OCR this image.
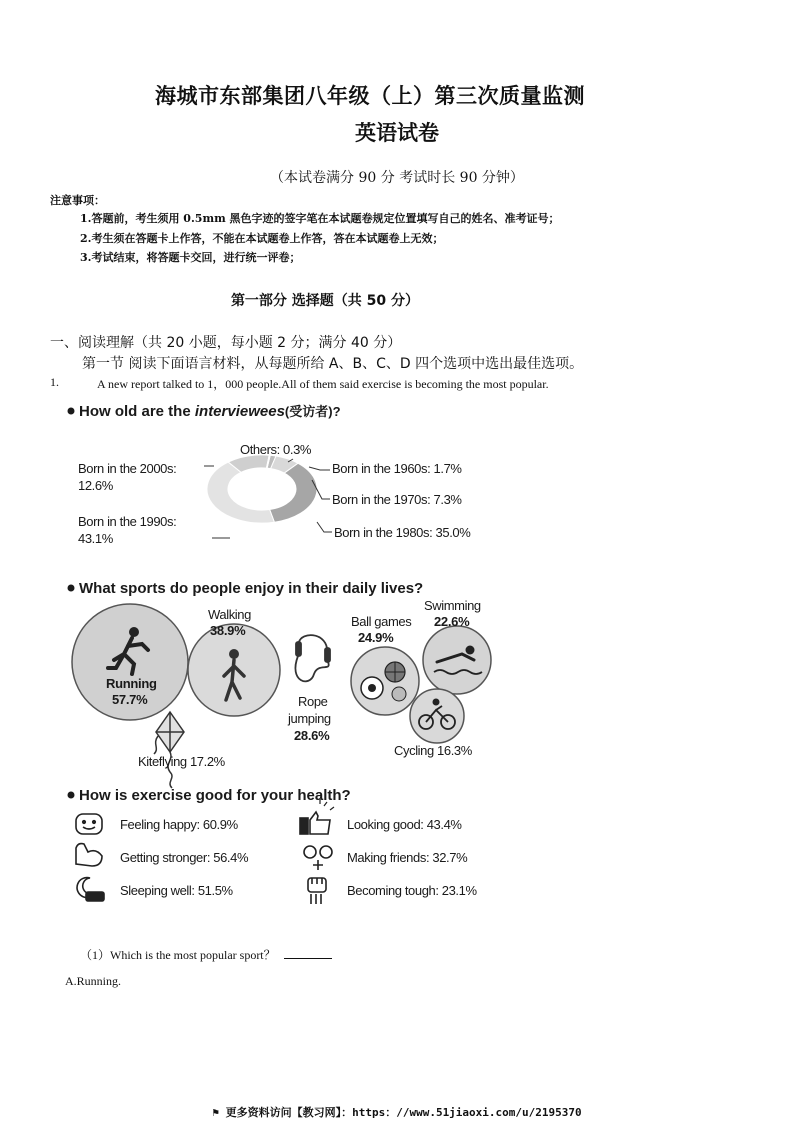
海城市东部集团八年级（上）第三次质量监测
英语试卷
（本试卷满分 90 分 考试时长 90 分钟）
注意事项：
1.答题前，考生须用 0.5mm 黑色字迹的签字笔在本试题卷规定位置填写自己的姓名、准考证号；
2.考生须在答题卡上作答，不能在本试题卷上作答，答在本试题卷上无效；
3.考试结束，将答题卡交回，进行统一评卷；
第一部分 选择题（共 50 分）
一、阅读理解（共 20 小题，每小题 2 分；满分 40 分）
第一节 阅读下面语言材料，从每题所给 A、B、C、D 四个选项中选出最佳选项。
1.	A new report talked to 1，000 people.All of them said exercise is becoming the most popular.
How old are the interviewees(受访者)?
Others: 0.3%
Born in the 2000s:
12.6%
Born in the 1990s:
43.1%
Born in the 1960s: 1.7%
Born in the 1970s: 7.3%
Born in the 1980s: 35.0%
What sports do people enjoy in their daily lives?
Running
57.7%
Walking
38.9%
Rope
jumping
28.6%
Ball games
24.9%
Swimming
22.6%
Cycling 16.3%
Kiteflying 17.2%
How is exercise good for your health?
Feeling happy: 60.9%
Getting stronger: 56.4%
Sleeping well: 51.5%
Looking good: 43.4%
Making friends: 32.7%
Becoming tough: 23.1%
（1）Which is the most popular sport？
A.Running.
⚑ 更多资料访问【教习网】：https：//www.51jiaoxi.com/u/2195370
